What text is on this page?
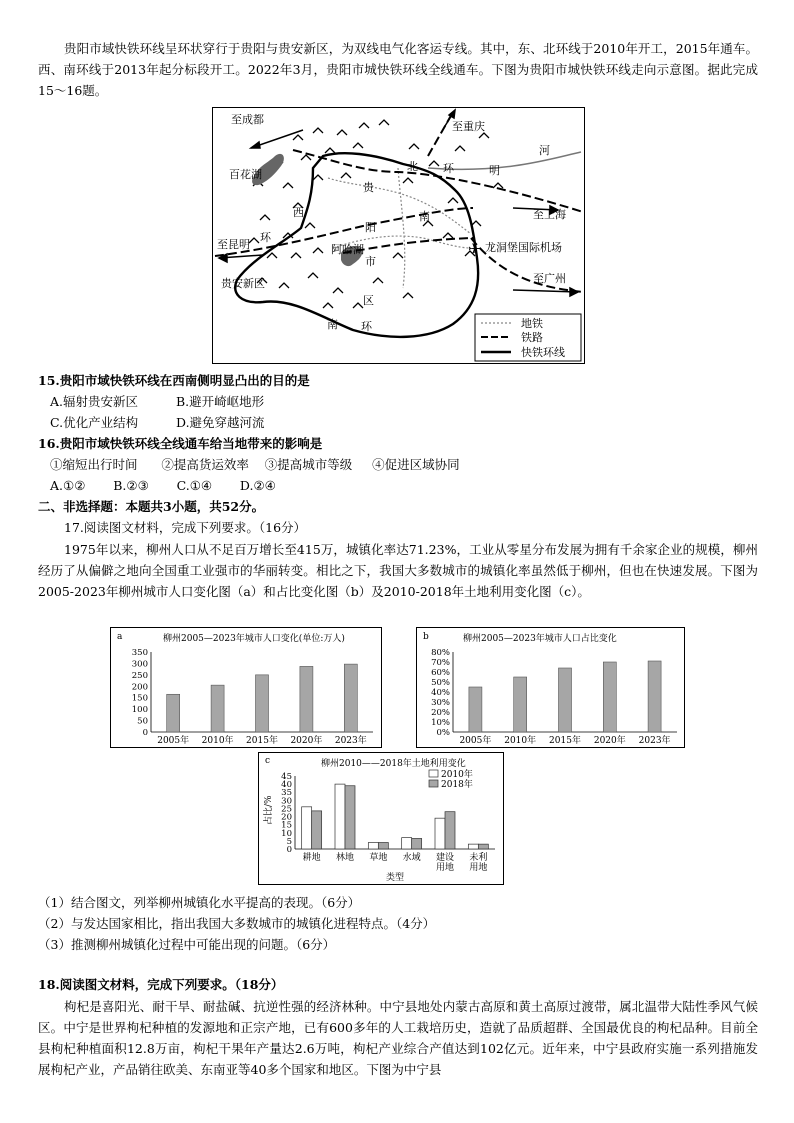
贵阳市域快铁环线呈环状穿行于贵阳与贵安新区，为双线电气化客运专线。其中，东、北环线于2010年开工，2015年通车。西、南环线于2013年起分标段开工。2022年3月，贵阳市城快铁环线全线通车。下图为贵阳市城快铁环线走向示意图。据此完成15～16题。
✈
至成都
至重庆
河
百花湖
北 环	明
贵
西	南	至上海
环
阳
至昆明	阿哈湖	龙洞堡国际机场
市
贵安新区	至广州
区
南 环	地铁
铁路
快铁环线
15.贵阳市域快铁环线在西南侧明显凸出的目的是
A.辐射贵安新区	B.避开崎岖地形
C.优化产业结构	D.避免穿越河流
16.贵阳市域快铁环线全线通车给当地带来的影响是
①缩短出行时间      ②提高货运效率    ③提高城市等级     ④促进区域协同
A.①②       B.②③       C.①④       D.②④
二、非选择题：本题共3小题，共52分。
17.阅读图文材料，完成下列要求。（16分）
1975年以来，柳州人口从不足百万增长至415万，城镇化率达71.23%，工业从零星分布发展为拥有千余家企业的规模，柳州经历了从偏僻之地向全国重工业强市的华丽转变。相比之下，我国大多数城市的城镇化率虽然低于柳州，但也在快速发展。下图为2005-2023年柳州城市人口变化图（a）和占比变化图（b）及2010-2018年土地利用变化图（c）。
a	柳州2005—2023年城市人口变化(单位:万人)
0
50
100
150
200
250
300
350
2005年 2010年 2015年 2020年 2023年
b	柳州2005—2023年城市人口占比变化
0%
10%
20%
30%
40%
50%
60%
70%
80%
2005年 2010年 2015年 2020年 2023年
c	柳州2010——2018年土地利用变化
0
5
10
15
20
25
30
35
40
45
占比/%
耕地 林地 草地 水域 建设
用地
未利
用地
类型
2010年
2018年
（1）结合图文，列举柳州城镇化水平提高的表现。（6分）
（2）与发达国家相比，指出我国大多数城市的城镇化进程特点。（4分）
（3）推测柳州城镇化过程中可能出现的问题。（6分）
18.阅读图文材料，完成下列要求。（18分）
枸杞是喜阳光、耐干旱、耐盐碱、抗逆性强的经济林种。中宁县地处内蒙古高原和黄土高原过渡带，属北温带大陆性季风气候区。中宁是世界枸杞种植的发源地和正宗产地，已有600多年的人工栽培历史，造就了品质超群、全国最优良的枸杞品种。目前全县枸杞种植面积12.8万亩，枸杞干果年产量达2.6万吨，枸杞产业综合产值达到102亿元。近年来，中宁县政府实施一系列措施发展枸杞产业，产品销往欧美、东南亚等40多个国家和地区。下图为中宁县
